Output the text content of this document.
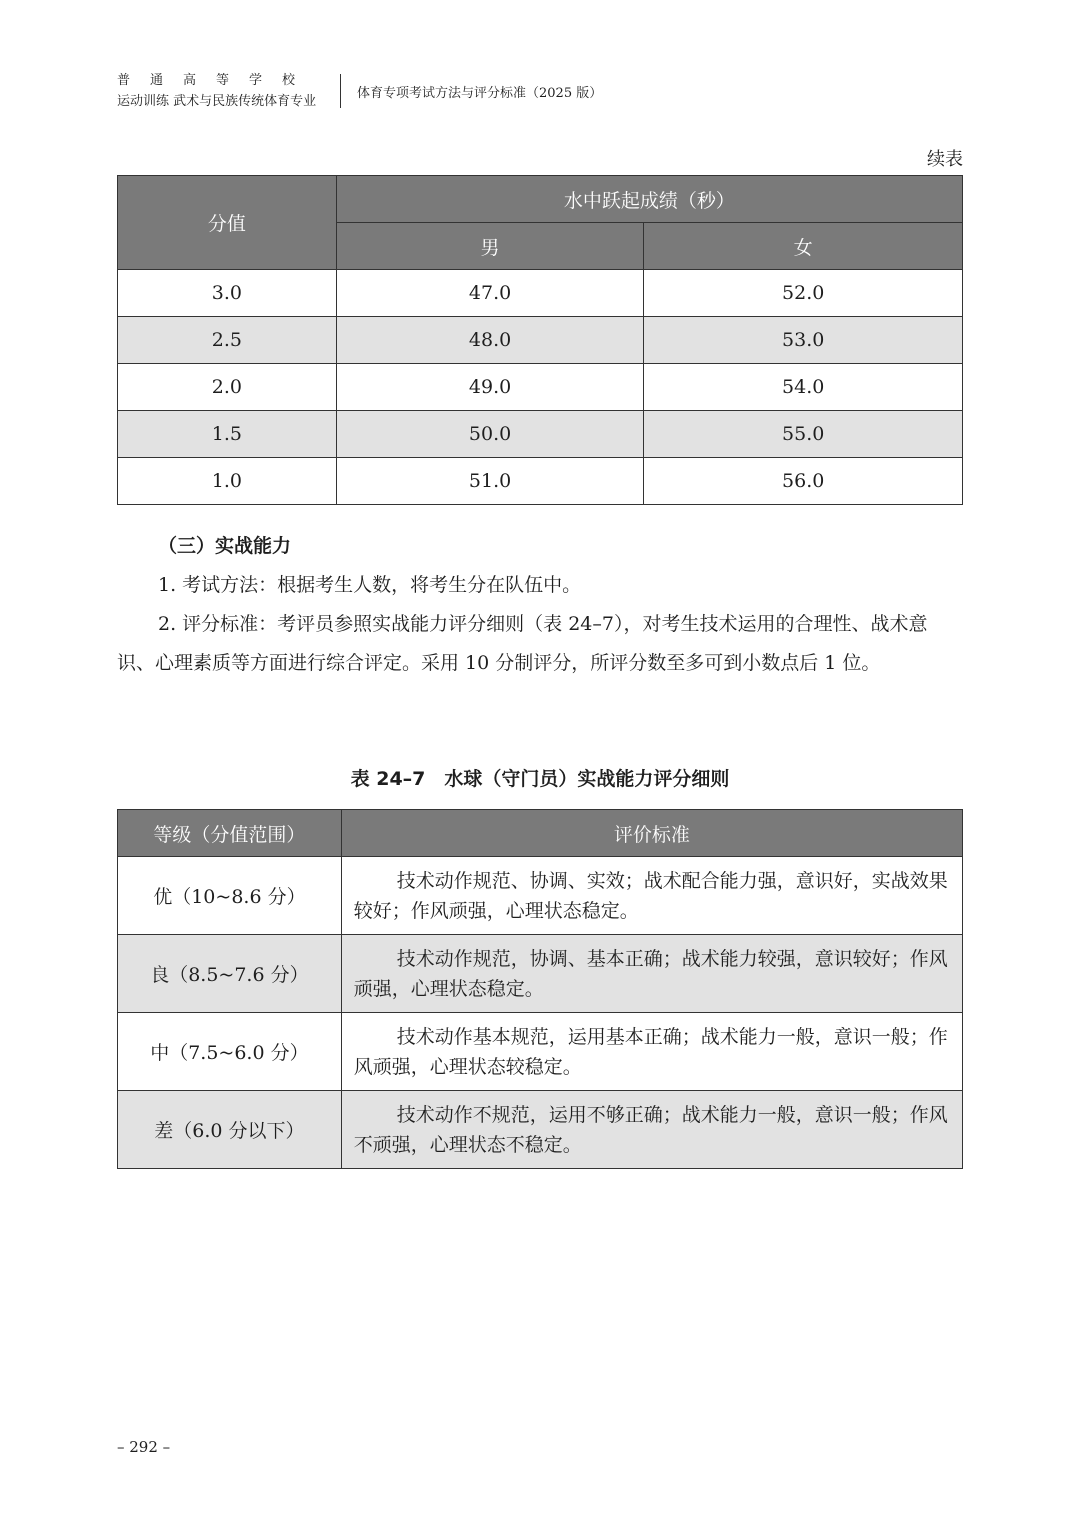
普通高等学校
运动训练 武术与民族传统体育专业
体育专项考试方法与评分标准（2025 版）
续表
分值	水中跃起成绩（秒）	
	男	女
3.0	47.0	52.0
2.5	48.0	53.0
2.0	49.0	54.0
1.5	50.0	55.0
1.0	51.0	56.0
（三）实战能力
1. 考试方法：根据考生人数，将考生分在队伍中。
2. 评分标准：考评员参照实战能力评分细则（表 24–7），对考生技术运用的合理性、战术意识、心理素质等方面进行综合评定。采用 10 分制评分，所评分数至多可到小数点后 1 位。
表 24–7　水球（守门员）实战能力评分细则
等级（分值范围）	评价标准
优（10~8.6 分）	技术动作规范、协调、实效；战术配合能力强，意识好，实战效果较好；作风顽强，心理状态稳定。
良（8.5~7.6 分）	技术动作规范，协调、基本正确；战术能力较强，意识较好；作风顽强，心理状态稳定。
中（7.5~6.0 分）	技术动作基本规范，运用基本正确；战术能力一般，意识一般；作风顽强，心理状态较稳定。
差（6.0 分以下）	技术动作不规范，运用不够正确；战术能力一般，意识一般；作风不顽强，心理状态不稳定。
– 292 –
